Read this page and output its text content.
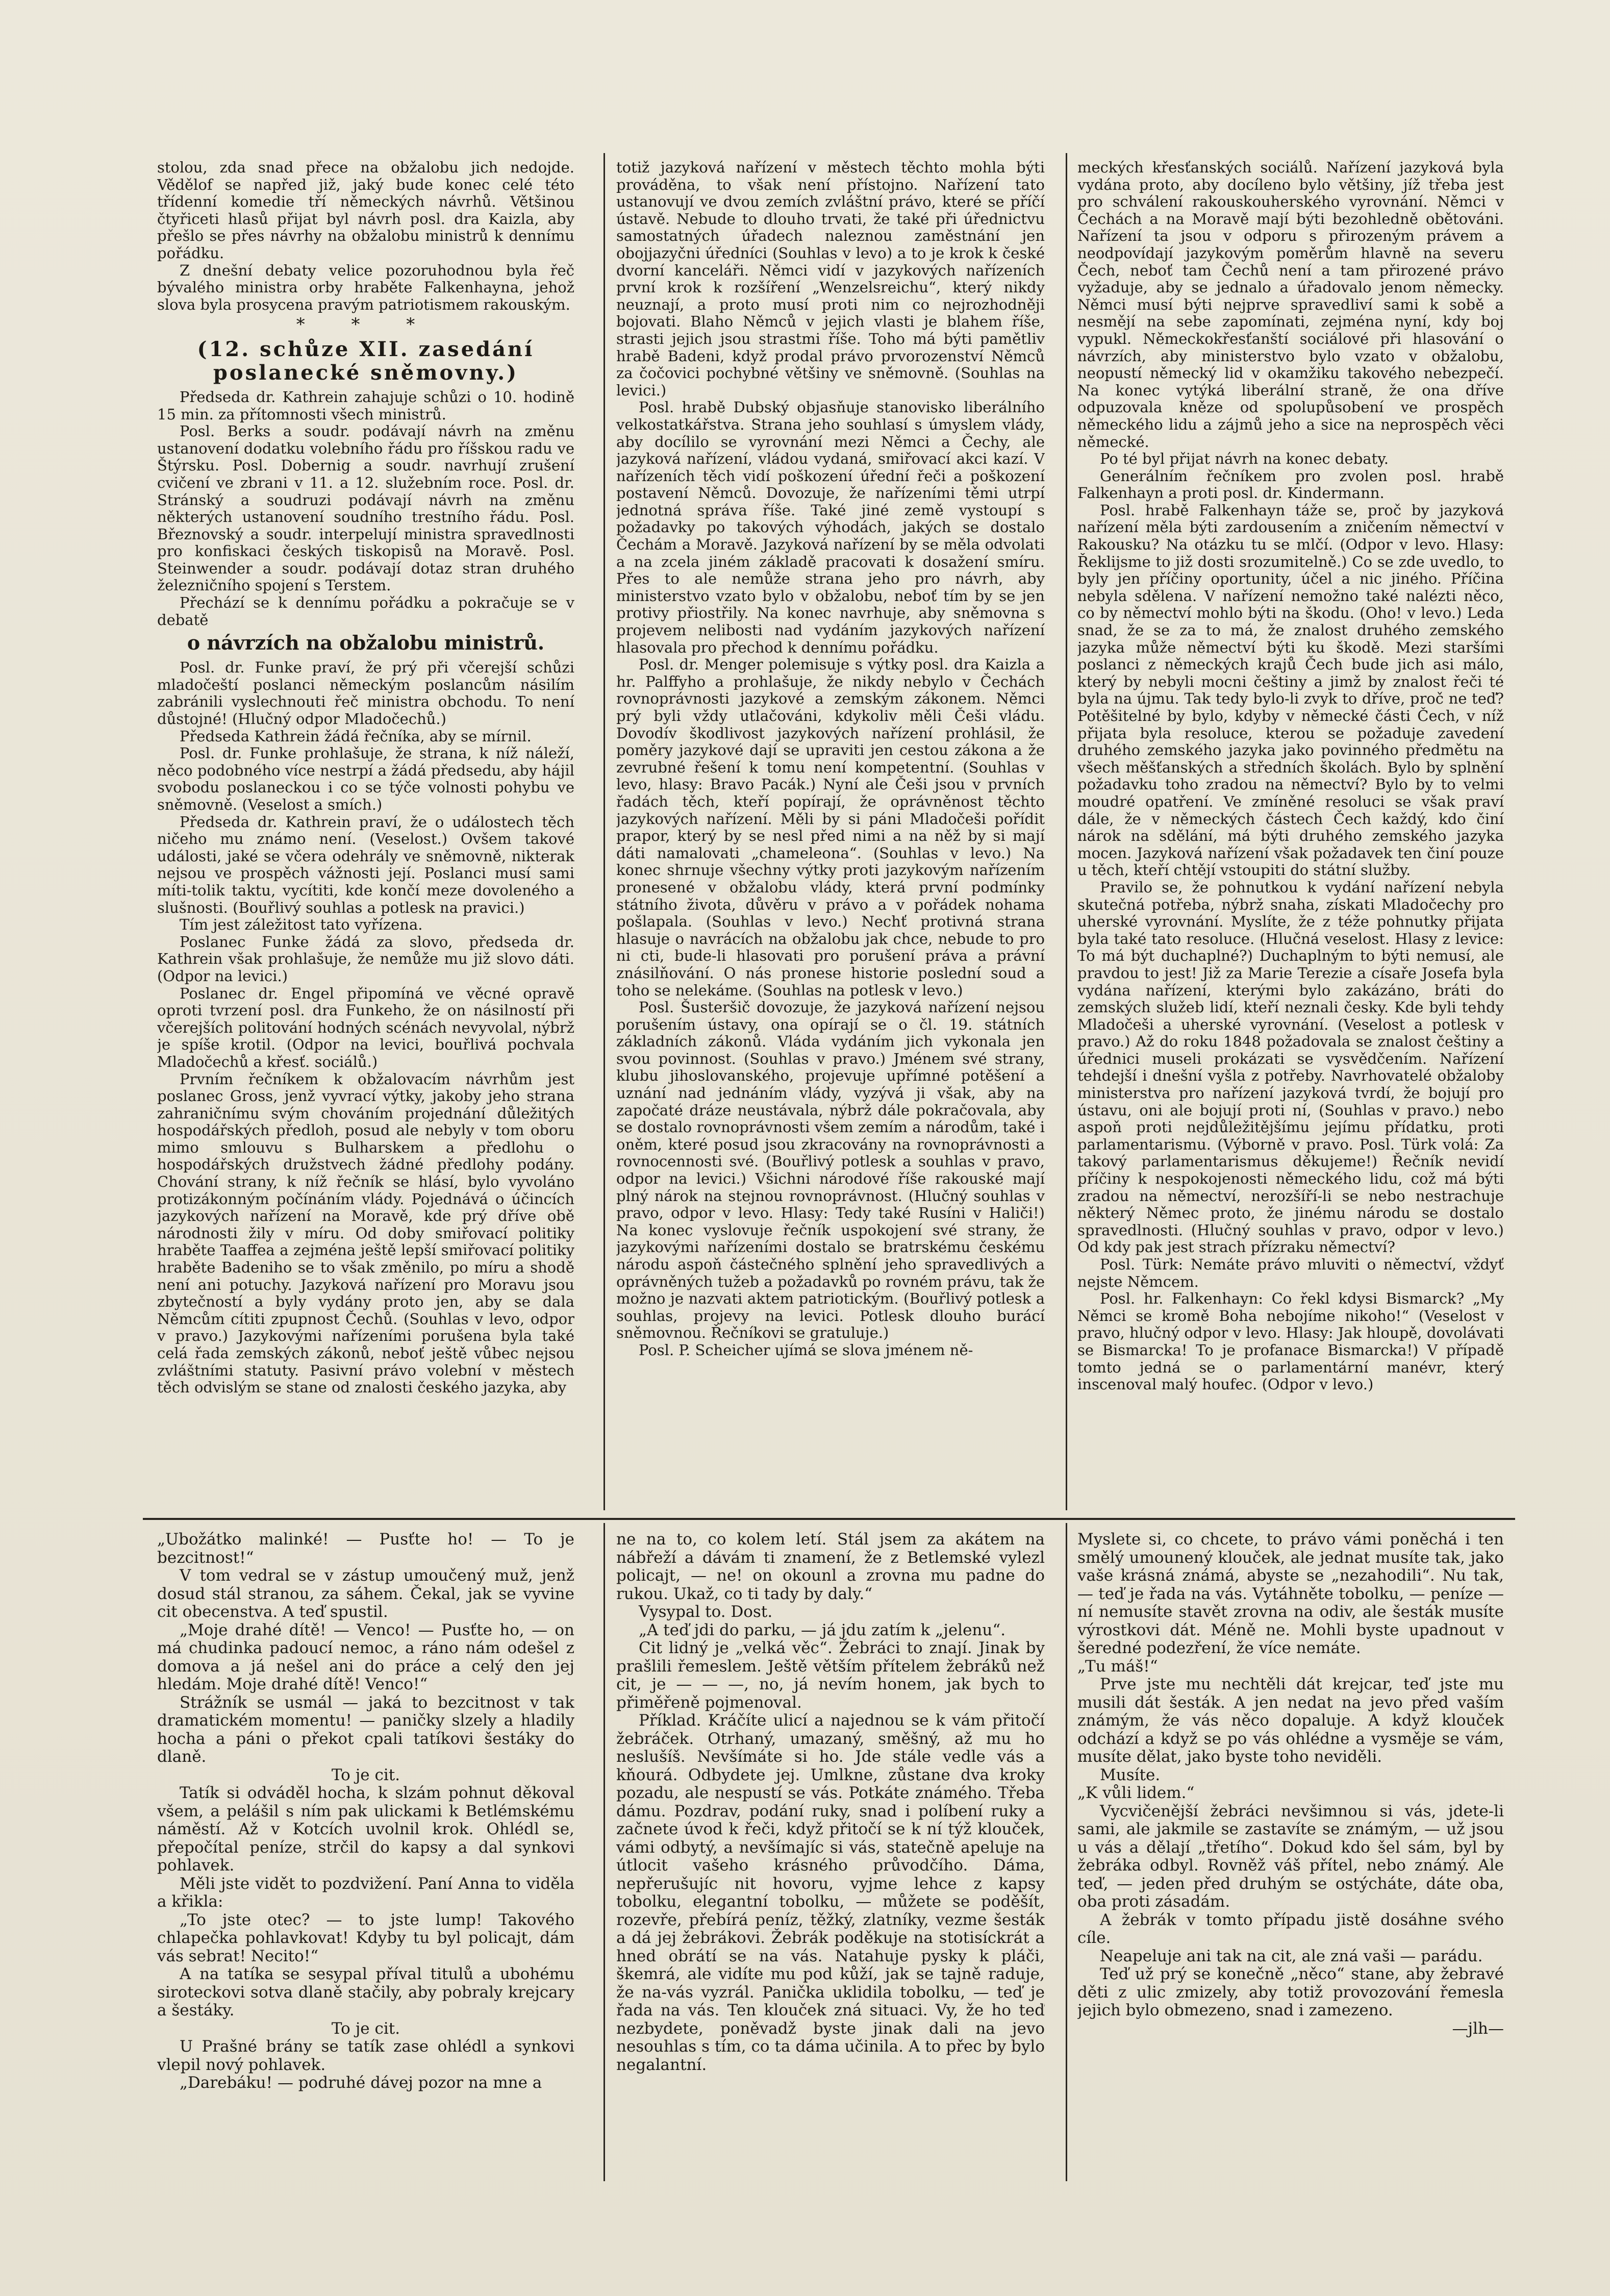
stolou, zda snad přece na obžalobu jich nedojde. Vědělof se napřed již, jaký bude konec celé této třídenní komedie tří německých návrhů. Většinou čtyřiceti hlasů přijat byl návrh posl. dra Kaizla, aby přešlo se přes návrhy na obžalobu ministrů k dennímu pořádku.

Z dnešní debaty velice pozoruhodnou byla řeč bývalého ministra orby hraběte Falkenhayna, jehož slova byla prosycena pravým patriotismem rakouským.

* * *
(12. schůze XII. zasedání poslanecké sněmovny.)

Předseda dr. Kathrein zahajuje schůzi o 10. hodině 15 min. za přítomnosti všech ministrů.

Posl. Berks a soudr. podávají návrh na změnu ustanovení dodatku volebního řádu pro říšskou radu ve Štýrsku. Posl. Dobernig a soudr. navrhují zrušení cvičení ve zbrani v 11. a 12. služebním roce. Posl. dr. Stránský a soudruzi podávají návrh na změnu některých ustanovení soudního trestního řádu. Posl. Březnovský a soudr. interpelují ministra spravedlnosti pro konfiskaci českých tiskopisů na Moravě. Posl. Steinwender a soudr. podávají dotaz stran druhého železničního spojení s Terstem.

Přechází se k dennímu pořádku a pokračuje se v debatě

o návrzích na obžalobu ministrů.

Posl. dr. Funke praví, že prý při včerejší schůzi mladočeští poslanci německým poslancům násilím zabránili vyslechnouti řeč ministra obchodu. To není důstojné! (Hlučný odpor Mladočechů.)

Předseda Kathrein žádá řečníka, aby se mírnil.

Posl. dr. Funke prohlašuje, že strana, k níž náleží, něco podobného více nestrpí a žádá předsedu, aby hájil svobodu poslaneckou i co se týče volnosti pohybu ve sněmovně. (Veselost a smích.)

Předseda dr. Kathrein praví, že o událostech těch ničeho mu známo není. (Veselost.) Ovšem takové události, jaké se včera odehrály ve sněmovně, nikterak nejsou ve prospěch vážnosti její. Poslanci musí sami míti-tolik taktu, vycítiti, kde končí meze dovoleného a slušnosti. (Bouřlivý souhlas a potlesk na pravici.)

Tím jest záležitost tato vyřízena.

Poslanec Funke žádá za slovo, předseda dr. Kathrein však prohlašuje, že nemůže mu již slovo dáti. (Odpor na levici.)

Poslanec dr. Engel připomíná ve věcné opravě oproti tvrzení posl. dra Funkeho, že on násilností při včerejších politování hodných scénách nevyvolal, nýbrž je spíše krotil. (Odpor na levici, bouřlivá pochvala Mladočechů a křesť. sociálů.)

Prvním řečníkem k obžalovacím návrhům jest poslanec Gross, jenž vyvrací výtky, jakoby jeho strana zahraničnímu svým chováním projednání důležitých hospodářských předloh, posud ale nebyly v tom oboru mimo smlouvu s Bulharskem a předlohu o hospodářských družstvech žádné předlohy podány. Chování strany, k níž řečník se hlásí, bylo vyvoláno protizákonným počínáním vlády. Pojednává o účincích jazykových nařízení na Moravě, kde prý dříve obě národnosti žily v míru. Od doby smiřovací politiky hraběte Taaffea a zejména ještě lepší smiřovací politiky hraběte Badeniho se to však změnilo, po míru a shodě není ani potuchy. Jazyková nařízení pro Moravu jsou zbytečností a byly vydány proto jen, aby se dala Němcům cítiti zpupnost Čechů. (Souhlas v levo, odpor v pravo.) Jazykovými nařízeními porušena byla také celá řada zemských zákonů, neboť ještě vůbec nejsou zvláštními statuty. Pasivní právo volební v městech těch odvislým se stane od znalosti českého jazyka, aby

totiž jazyková nařízení v městech těchto mohla býti prováděna, to však není přístojno. Nařízení tato ustanovují ve dvou zemích zvláštní právo, které se příčí ústavě. Nebude to dlouho trvati, že také při úřednictvu samostatných úřadech naleznou zaměstnání jen obojjazyčni úředníci (Souhlas v levo) a to je krok k české dvorní kanceláři. Němci vidí v jazykových nařízeních první krok k rozšíření „Wenzelsreichu“, který nikdy neuznají, a proto musí proti nim co nejrozhodněji bojovati. Blaho Němců v jejich vlasti je blahem říše, strasti jejich jsou strastmi říše. Toho má býti pamětliv hrabě Badeni, když prodal právo prvorozenství Němců za čočovici pochybné většiny ve sněmovně. (Souhlas na levici.)

Posl. hrabě Dubský objasňuje stanovisko liberálního velkostatkářstva. Strana jeho souhlasí s úmyslem vlády, aby docílilo se vyrovnání mezi Němci a Čechy, ale jazyková nařízení, vládou vydaná, smiřovací akci kazí. V nařízeních těch vidí poškození úřední řeči a poškození postavení Němců. Dovozuje, že nařízeními těmi utrpí jednotná správa říše. Také jiné země vystoupí s požadavky po takových výhodách, jakých se dostalo Čechám a Moravě. Jazyková nařízení by se měla odvolati a na zcela jiném základě pracovati k dosažení smíru. Přes to ale nemůže strana jeho pro návrh, aby ministerstvo vzato bylo v obžalobu, neboť tím by se jen protivy přiostřily. Na konec navrhuje, aby sněmovna s projevem nelibosti nad vydáním jazykových nařízení hlasovala pro přechod k dennímu pořádku.

Posl. dr. Menger polemisuje s výtky posl. dra Kaizla a hr. Palffyho a prohlašuje, že nikdy nebylo v Čechách rovnoprávnosti jazykové a zemským zákonem. Němci prý byli vždy utlačováni, kdykoliv měli Češi vládu. Dovodív škodlivost jazykových nařízení prohlásil, že poměry jazykové dají se upraviti jen cestou zákona a že zevrubné řešení k tomu není kompetentní. (Souhlas v levo, hlasy: Bravo Pacák.) Nyní ale Češi jsou v prvních řadách těch, kteří popírají, že oprávněnost těchto jazykových nařízení. Měli by si páni Mladočeši pořídit prapor, který by se nesl před nimi a na něž by si mají dáti namalovati „chameleona“. (Souhlas v levo.) Na konec shrnuje všechny výtky proti jazykovým nařízením pronesené v obžalobu vlády, která první podmínky státního života, důvěru v právo a v pořádek nohama pošlapala. (Souhlas v levo.) Nechť protivná strana hlasuje o navrácích na obžalobu jak chce, nebude to pro ni cti, bude-li hlasovati pro porušení práva a právní znásilňování. O nás pronese historie poslední soud a toho se nelekáme. (Souhlas na potlesk v levo.)

Posl. Šusteršič dovozuje, že jazyková nařízení nejsou porušením ústavy, ona opírají se o čl. 19. státních základních zákonů. Vláda vydáním jich vykonala jen svou povinnost. (Souhlas v pravo.) Jménem své strany, klubu jihoslovanského, projevuje upřímné potěšení a uznání nad jednáním vlády, vyzývá ji však, aby na započaté dráze neustávala, nýbrž dále pokračovala, aby se dostalo rovnoprávnosti všem zemím a národům, také i oněm, které posud jsou zkracovány na rovnoprávnosti a rovnocennosti své. (Bouřlivý potlesk a souhlas v pravo, odpor na levici.) Všichni národové říše rakouské mají plný nárok na stejnou rovnoprávnost. (Hlučný souhlas v pravo, odpor v levo. Hlasy: Tedy také Rusíni v Haliči!) Na konec vyslovuje řečník uspokojení své strany, že jazykovými nařízeními dostalo se bratrskému českému národu aspoň částečného splnění jeho spravedlivých a oprávněných tužeb a požadavků po rovném právu, tak že možno je nazvati aktem patriotickým. (Bouřlivý potlesk a souhlas, projevy na levici. Potlesk dlouho burácí sněmovnou. Řečníkovi se gratuluje.)

Posl. P. Scheicher ujímá se slova jménem ně-

meckých křesťanských sociálů. Nařízení jazyková byla vydána proto, aby docíleno bylo většiny, jíž třeba jest pro schválení rakouskouherského vyrovnání. Němci v Čechách a na Moravě mají býti bezohledně obětováni. Nařízení ta jsou v odporu s přirozeným právem a neodpovídají jazykovým poměrům hlavně na severu Čech, neboť tam Čechů není a tam přirozené právo vyžaduje, aby se jednalo a úřadovalo jenom německy. Němci musí býti nejprve spravedliví sami k sobě a nesmějí na sebe zapomínati, zejména nyní, kdy boj vypukl. Německokřesťanští sociálové při hlasování o návrzích, aby ministerstvo bylo vzato v obžalobu, neopustí německý lid v okamžiku takového nebezpečí. Na konec vytýká liberální straně, že ona dříve odpuzovala kněze od spolupůsobení ve prospěch německého lidu a zájmů jeho a sice na neprospěch věci německé.

Po té byl přijat návrh na konec debaty.

Generálním řečníkem pro zvolen posl. hrabě Falkenhayn a proti posl. dr. Kindermann.

Posl. hrabě Falkenhayn táže se, proč by jazyková nařízení měla býti zardousením a zničením němectví v Rakousku? Na otázku tu se mlčí. (Odpor v levo. Hlasy: Řeklijsme to již dosti srozumitelně.) Co se zde uvedlo, to byly jen příčiny oportunity, účel a nic jiného. Příčina nebyla sdělena. V nařízení nemožno také nalézti něco, co by němectví mohlo býti na škodu. (Oho! v levo.) Leda snad, že se za to má, že znalost druhého zemského jazyka může němectví býti ku škodě. Mezi staršími poslanci z německých krajů Čech bude jich asi málo, který by nebyli mocni češtiny a jimž by znalost řeči té byla na újmu. Tak tedy bylo-li zvyk to dříve, proč ne teď? Potěšitelné by bylo, kdyby v německé části Čech, v níž přijata byla resoluce, kterou se požaduje zavedení druhého zemského jazyka jako povinného předmětu na všech měšťanských a středních školách. Bylo by splnění požadavku toho zradou na němectví? Bylo by to velmi moudré opatření. Ve zmíněné resoluci se však praví dále, že v německých částech Čech každý, kdo činí nárok na sdělání, má býti druhého zemského jazyka mocen. Jazyková nařízení však požadavek ten činí pouze u těch, kteří chtějí vstoupiti do státní služby.

Pravilo se, že pohnutkou k vydání nařízení nebyla skutečná potřeba, nýbrž snaha, získati Mladočechy pro uherské vyrovnání. Myslíte, že z téže pohnutky přijata byla také tato resoluce. (Hlučná veselost. Hlasy z levice: To má být duchaplné?) Duchaplným to býti nemusí, ale pravdou to jest! Již za Marie Terezie a císaře Josefa byla vydána nařízení, kterými bylo zakázáno, bráti do zemských služeb lidí, kteří neznali česky. Kde byli tehdy Mladočeši a uherské vyrovnání. (Veselost a potlesk v pravo.) Až do roku 1848 požadovala se znalost češtiny a úřednici museli prokázati se vysvědčením. Nařízení tehdejší i dnešní vyšla z potřeby. Navrhovatelé obžaloby ministerstva pro nařízení jazyková tvrdí, že bojují pro ústavu, oni ale bojují proti ní, (Souhlas v pravo.) nebo aspoň proti nejdůležitějšímu jejímu přídatku, proti parlamentarismu. (Výborně v pravo. Posl. Türk volá: Za takový parlamentarismus děkujeme!) Řečník nevidí příčiny k nespokojenosti německého lidu, což má býti zradou na němectví, nerozšíří-li se nebo nestrachuje některý Němec proto, že jinému národu se dostalo spravedlnosti. (Hlučný souhlas v pravo, odpor v levo.) Od kdy pak jest strach přízraku němectví?

Posl. Türk: Nemáte právo mluviti o němectví, vždyť nejste Němcem.

Posl. hr. Falkenhayn: Co řekl kdysi Bismarck? „My Němci se kromě Boha nebojíme nikoho!“ (Veselost v pravo, hlučný odpor v levo. Hlasy: Jak hloupě, dovolávati se Bismarcka! To je profanace Bismarcka!) V případě tomto jedná se o parlamentární manévr, který inscenoval malý houfec. (Odpor v levo.)

„Ubožátko malinké! — Pusťte ho! — To je bezcitnost!“

V tom vedral se v zástup umoučený muž, jenž dosud stál stranou, za sáhem. Čekal, jak se vyvine cit obecenstva. A teď spustil.

„Moje drahé dítě! — Venco! — Pusťte ho, — on má chudinka padoucí nemoc, a ráno nám odešel z domova a já nešel ani do práce a celý den jej hledám. Moje drahé dítě! Venco!“

Strážník se usmál — jaká to bezcitnost v tak dramatickém momentu! — paničky slzely a hladily hocha a páni o překot cpali tatíkovi šestáky do dlaně.

To je cit.

Tatík si odváděl hocha, k slzám pohnut děkoval všem, a pelášil s ním pak ulickami k Betlémskému náměstí. Až v Kotcích uvolnil krok. Ohlédl se, přepočítal peníze, strčil do kapsy a dal synkovi pohlavek.

Měli jste vidět to pozdvižení. Paní Anna to viděla a křikla:

„To jste otec? — to jste lump! Takového chlapečka pohlavkovat! Kdyby tu byl policajt, dám vás sebrat! Necito!“

A na tatíka se sesypal příval titulů a ubohému siroteckovi sotva dlaně stačily, aby pobraly krejcary a šestáky.

To je cit.

U Prašné brány se tatík zase ohlédl a synkovi vlepil nový pohlavek.

„Darebáku! — podruhé dávej pozor na mne a

ne na to, co kolem letí. Stál jsem za akátem na nábřeží a dávám ti znamení, že z Betlemské vylezl policajt, — ne! on okounl a zrovna mu padne do rukou. Ukaž, co ti tady by daly.“

Vysypal to. Dost.

„A teď jdi do parku, — já jdu zatím k „jelenu“.

Cit lidný je „velká věc“. Žebráci to znají. Jinak by prašlili řemeslem. Ještě větším přítelem žebráků než cit, je — — —, no, já nevím honem, jak bych to přiměřeně pojmenoval.

Příklad. Kráčíte ulicí a najednou se k vám přitočí žebráček. Otrhaný, umazaný, směšný, až mu ho neslušíš. Nevšímáte si ho. Jde stále vedle vás a kňourá. Odbydete jej. Umlkne, zůstane dva kroky pozadu, ale nespustí se vás. Potkáte známého. Třeba dámu. Pozdrav, podání ruky, snad i políbení ruky a začnete úvod k řeči, když přitočí se k ní týž klouček, vámi odbytý, a nevšímajíc si vás, statečně apeluje na útlocit vašeho krásného průvodčího. Dáma, nepřerušujíc nit hovoru, vyjme lehce z kapsy tobolku, elegantní tobolku, — můžete se poděšít, rozevře, přebírá peníz, těžký, zlatníky, vezme šesták a dá jej žebrákovi. Žebrák poděkuje na stotisíckrát a hned obrátí se na vás. Natahuje pysky k pláči, škemrá, ale vidíte mu pod kůží, jak se tajně raduje, že na-vás vyzrál. Panička uklidila tobolku, — teď je řada na vás. Ten klouček zná situaci. Vy, že ho teď nezbydete, poněvadž byste jinak dali na jevo nesouhlas s tím, co ta dáma učinila. A to přec by bylo negalantní.

Myslete si, co chcete, to právo vámi poněchá i ten smělý umounený klouček, ale jednat musíte tak, jako vaše krásná známá, abyste se „nezahodili“. Nu tak, — teď je řada na vás. Vytáhněte tobolku, — peníze — ní nemusíte stavět zrovna na odiv, ale šesták musíte výrostkovi dát. Méně ne. Mohli byste upadnout v šeredné podezření, že více nemáte.

„Tu máš!“

Prve jste mu nechtěli dát krejcar, teď jste mu musili dát šesták. A jen nedat na jevo před vaším známým, že vás něco dopaluje. A když klouček odchází a když se po vás ohlédne a vysměje se vám, musíte dělat, jako byste toho neviděli.

Musíte.

„K vůli lidem.“

Vycvičenější žebráci nevšimnou si vás, jdete-li sami, ale jakmile se zastavíte se známým, — už jsou u vás a dělají „třetího“. Dokud kdo šel sám, byl by žebráka odbyl. Rovněž váš přítel, nebo známý. Ale teď, — jeden před druhým se ostýcháte, dáte oba, oba proti zásadám.

A žebrák v tomto případu jistě dosáhne svého cíle.

Neapeluje ani tak na cit, ale zná vaši — parádu.

Teď už prý se konečně „něco“ stane, aby žebravé děti z ulic zmizely, aby totiž provozování řemesla jejich bylo obmezeno, snad i zamezeno.

—jlh—
